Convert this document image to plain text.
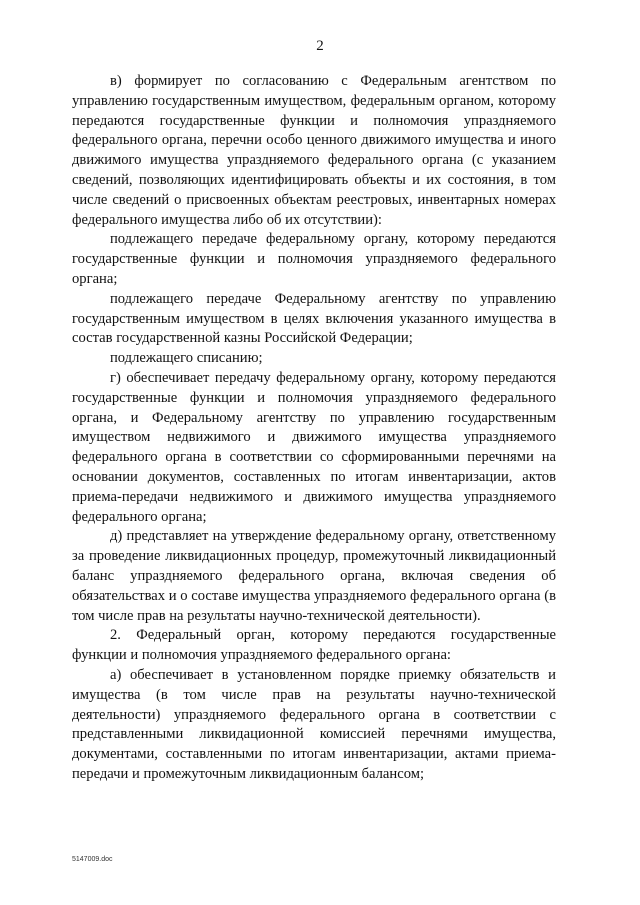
2

в) формирует по согласованию с Федеральным агентством по управлению государственным имуществом, федеральным органом, которому передаются государственные функции и полномочия упраздняемого федерального органа, перечни особо ценного движимого имущества и иного движимого имущества упраздняемого федерального органа (с указанием сведений, позволяющих идентифицировать объекты и их состояния, в том числе сведений о присвоенных объектам реестровых, инвентарных номерах федерального имущества либо об их отсутствии):

подлежащего передаче федеральному органу, которому передаются государственные функции и полномочия упраздняемого федерального органа;

подлежащего передаче Федеральному агентству по управлению государственным имуществом в целях включения указанного имущества в состав государственной казны Российской Федерации;

подлежащего списанию;

г) обеспечивает передачу федеральному органу, которому передаются государственные функции и полномочия упраздняемого федерального органа, и Федеральному агентству по управлению государственным имуществом недвижимого и движимого имущества упраздняемого федерального органа в соответствии со сформированными перечнями на основании документов, составленных по итогам инвентаризации, актов приема-передачи недвижимого и движимого имущества упраздняемого федерального органа;

д) представляет на утверждение федеральному органу, ответственному за проведение ликвидационных процедур, промежуточный ликвидационный баланс упраздняемого федерального органа, включая сведения об обязательствах и о составе имущества упраздняемого федерального органа (в том числе прав на результаты научно-технической деятельности).

2. Федеральный орган, которому передаются государственные функции и полномочия упраздняемого федерального органа:

а) обеспечивает в установленном порядке приемку обязательств и имущества (в том числе прав на результаты научно-технической деятельности) упраздняемого федерального органа в соответствии с представленными ликвидационной комиссией перечнями имущества, документами, составленными по итогам инвентаризации, актами приема-передачи и промежуточным ликвидационным балансом;

5147009.doc
